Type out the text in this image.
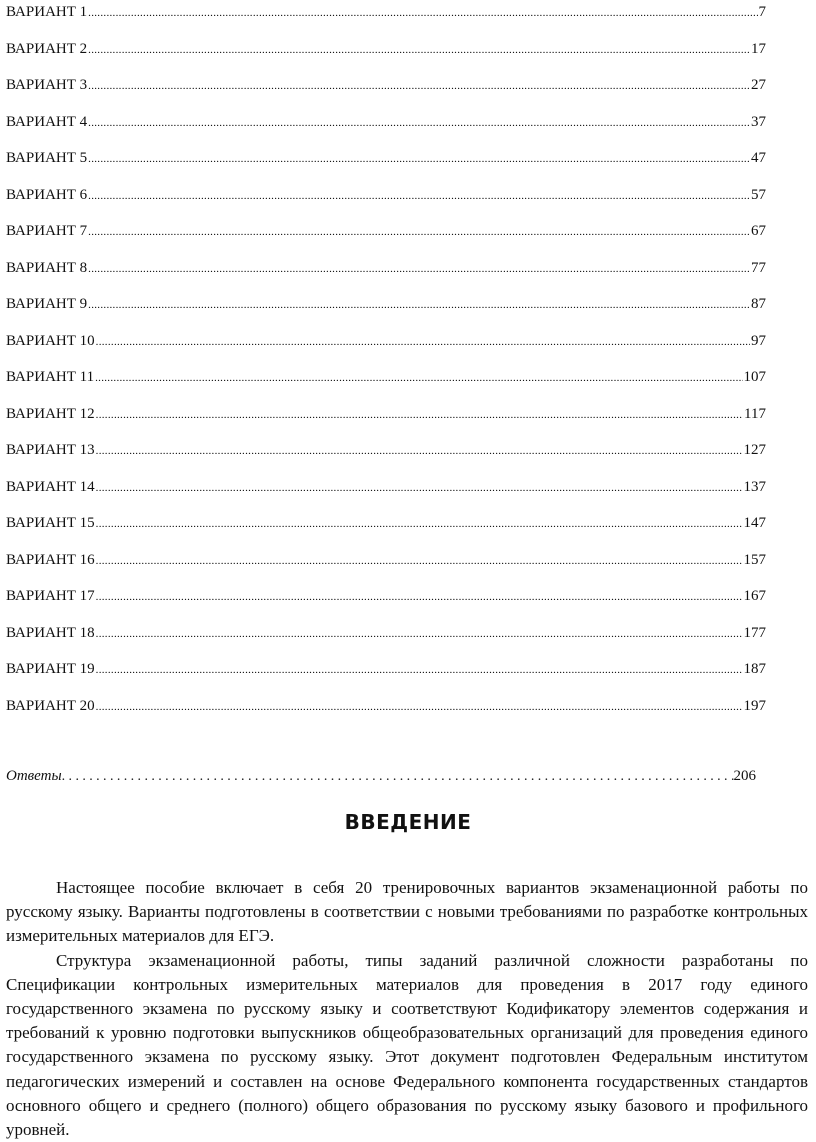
ВАРИАНТ 1 .....	7
ВАРИАНТ 2 .....	17
ВАРИАНТ 3 .....	27
ВАРИАНТ 4 .....	37
ВАРИАНТ 5 .....	47
ВАРИАНТ 6 .....	57
ВАРИАНТ 7 .....	67
ВАРИАНТ 8 .....	77
ВАРИАНТ 9 .....	87
ВАРИАНТ 10 .....	97
ВАРИАНТ 11 .....	107
ВАРИАНТ 12 .....	117
ВАРИАНТ 13 .....	127
ВАРИАНТ 14 .....	137
ВАРИАНТ 15 .....	147
ВАРИАНТ 16 .....	157
ВАРИАНТ 17 .....	167
ВАРИАНТ 18 .....	177
ВАРИАНТ 19 .....	187
ВАРИАНТ 20 .....	197
Ответы .....	206
ВВЕДЕНИЕ

Настоящее пособие включает в себя 20 тренировочных вариантов экзаменационной работы по русскому языку. Варианты подготовлены в соответствии с новыми требованиями по разработке контрольных измерительных материалов для ЕГЭ.

Структура экзаменационной работы, типы заданий различной сложности разработаны по Спецификации контрольных измерительных материалов для проведения в 2017 году единого государственного экзамена по русскому языку и соответствуют Кодификатору элементов содержания и требований к уровню подготовки выпускников общеобразовательных организаций для проведения единого государственного экзамена по русскому языку. Этот документ подготовлен Федеральным институтом педагогических измерений и составлен на основе Федерального компонента государственных стандартов основного общего и среднего (полного) общего образования по русскому языку базового и профильного уровней.
